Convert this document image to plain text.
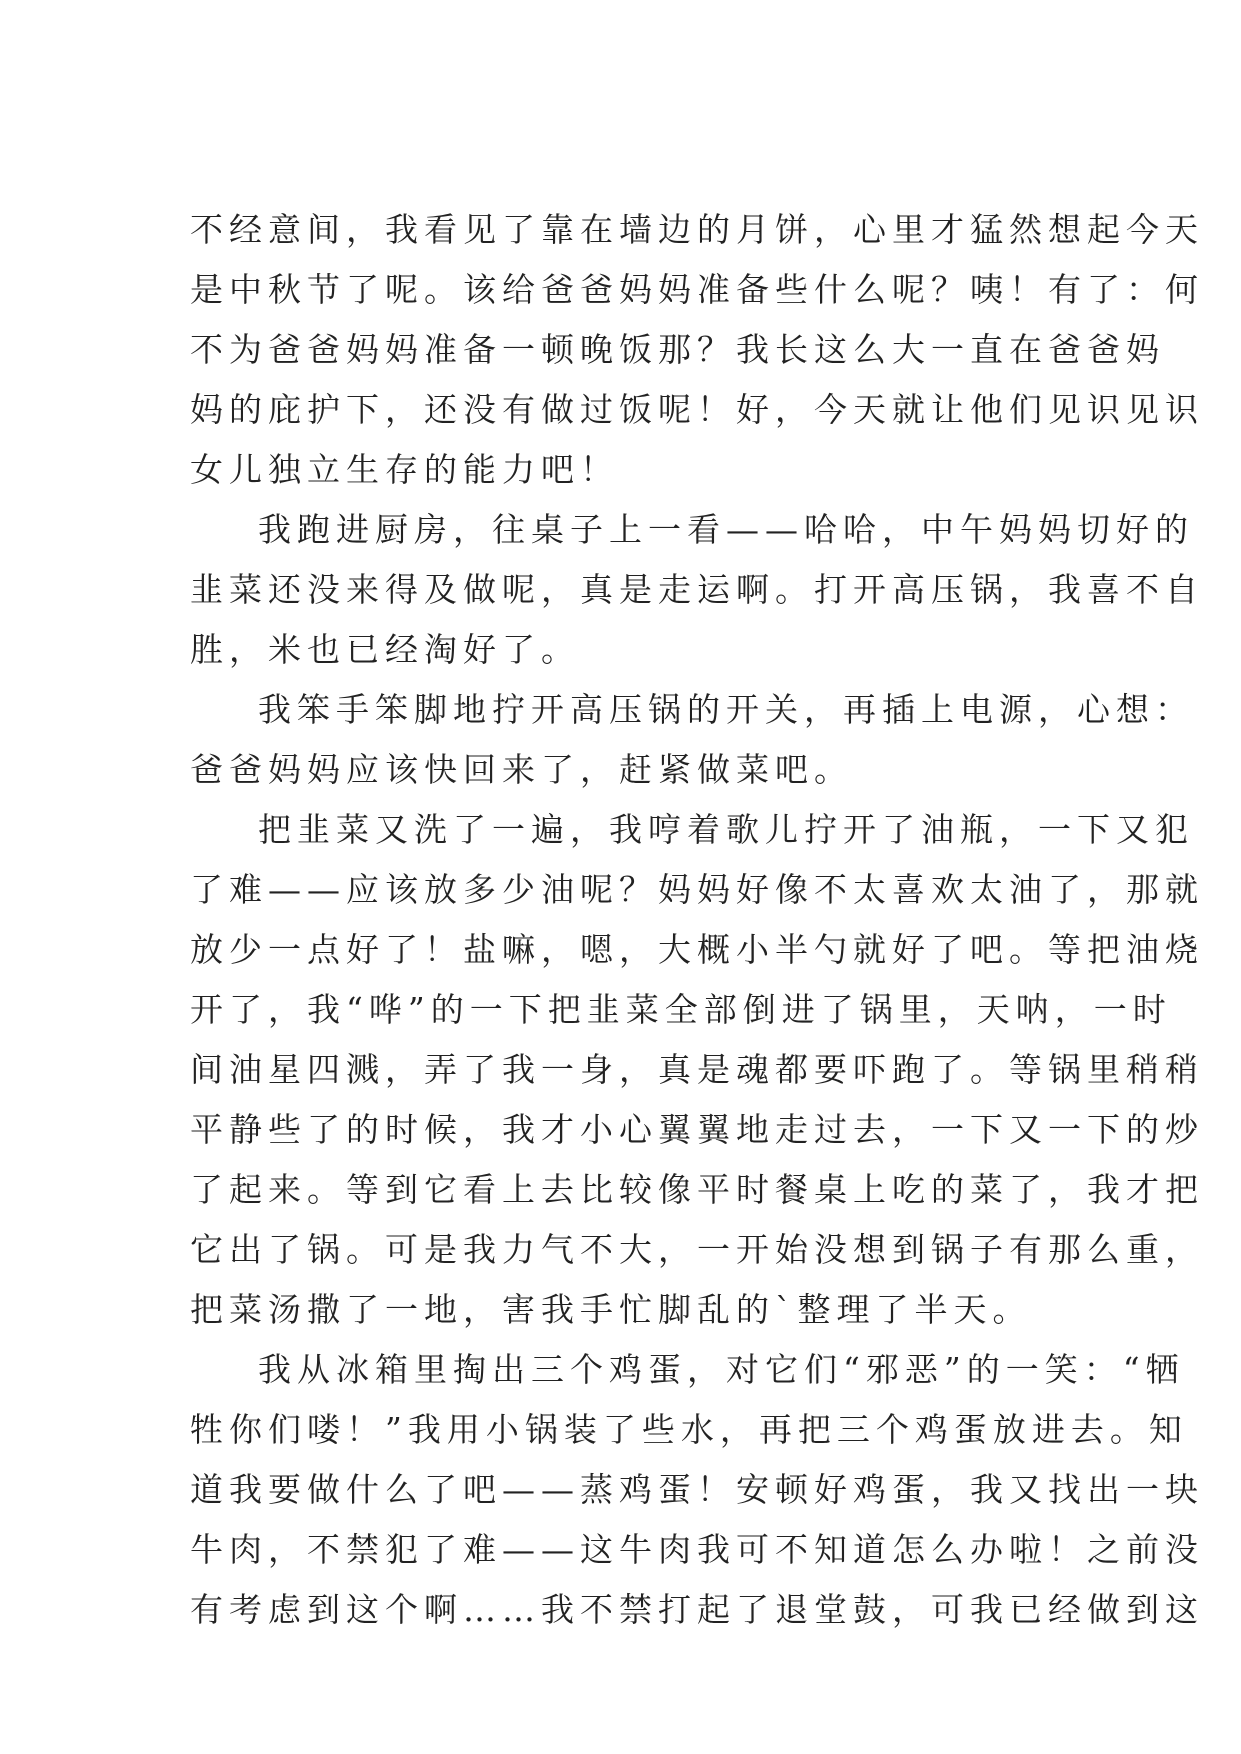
不经意间，我看见了靠在墙边的月饼，心里才猛然想起今天
是中秋节了呢。该给爸爸妈妈准备些什么呢？咦！有了：何
不为爸爸妈妈准备一顿晚饭那？我长这么大一直在爸爸妈
妈的庇护下，还没有做过饭呢！好，今天就让他们见识见识
女儿独立生存的能力吧！
我跑进厨房，往桌子上一看——哈哈，中午妈妈切好的
韭菜还没来得及做呢，真是走运啊。打开高压锅，我喜不自
胜，米也已经淘好了。
我笨手笨脚地拧开高压锅的开关，再插上电源，心想：
爸爸妈妈应该快回来了，赶紧做菜吧。
把韭菜又洗了一遍，我哼着歌儿拧开了油瓶，一下又犯
了难——应该放多少油呢？妈妈好像不太喜欢太油了，那就
放少一点好了！盐嘛，嗯，大概小半勺就好了吧。等把油烧
开了，我“哗”的一下把韭菜全部倒进了锅里，天呐，一时
间油星四溅，弄了我一身，真是魂都要吓跑了。等锅里稍稍
平静些了的时候，我才小心翼翼地走过去，一下又一下的炒
了起来。等到它看上去比较像平时餐桌上吃的菜了，我才把
它出了锅。可是我力气不大，一开始没想到锅子有那么重，
把菜汤撒了一地，害我手忙脚乱的`整理了半天。
我从冰箱里掏出三个鸡蛋，对它们“邪恶”的一笑：“牺
牲你们喽！”我用小锅装了些水，再把三个鸡蛋放进去。知
道我要做什么了吧——蒸鸡蛋！安顿好鸡蛋，我又找出一块
牛肉，不禁犯了难——这牛肉我可不知道怎么办啦！之前没
有考虑到这个啊……我不禁打起了退堂鼓，可我已经做到这
